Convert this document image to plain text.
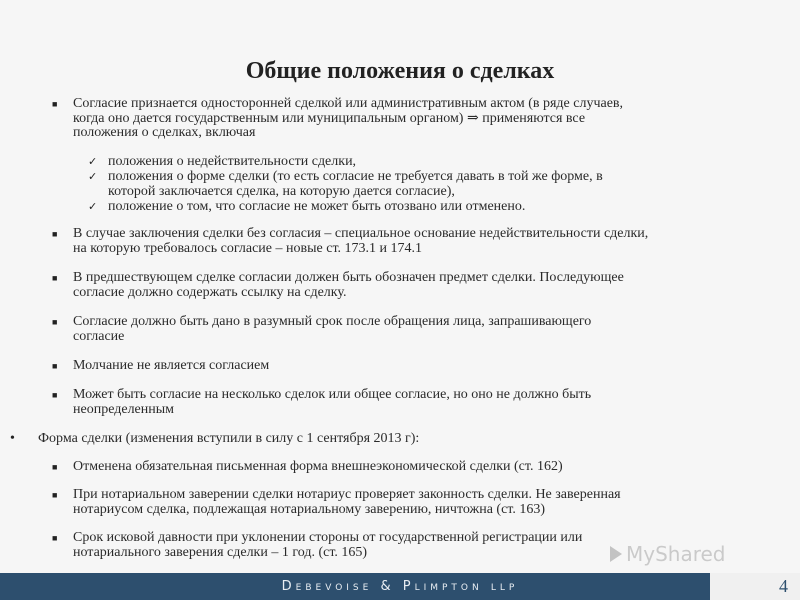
Общие положения о сделках
■ Согласие признается односторонней сделкой или административным актом (в ряде случаев,
когда оно дается государственным или муниципальным органом) ⇒ применяются все
положения о сделках, включая
✓ положения о недействительности сделки,
✓ положения о форме сделки (то есть согласие не требуется давать в той же форме, в
которой заключается сделка, на которую дается согласие),
✓ положение о том, что согласие не может быть отозвано или отменено.
■ В случае заключения сделки без согласия – специальное основание недействительности сделки,
на которую требовалось согласие – новые ст. 173.1 и 174.1
■ В предшествующем сделке согласии должен быть обозначен предмет сделки. Последующее
согласие должно содержать ссылку на сделку.
■ Согласие должно быть дано в разумный срок после обращения лица, запрашивающего
согласие
■ Молчание не является согласием
■ Может быть согласие на несколько сделок или общее согласие, но оно не должно быть
неопределенным
• Форма сделки (изменения вступили в силу с 1 сентября 2013 г):
■ Отменена обязательная письменная форма внешнеэкономической сделки (ст. 162)
■ При нотариальном заверении сделки нотариус проверяет законность сделки. Не заверенная
нотариусом сделка, подлежащая нотариальному заверению, ничтожна (ст. 163)
■ Срок исковой давности при уклонении стороны от государственной регистрации или
нотариального заверения сделки – 1 год. (ст. 165)	MyShared
Debevoise & Plimpton llp	4
